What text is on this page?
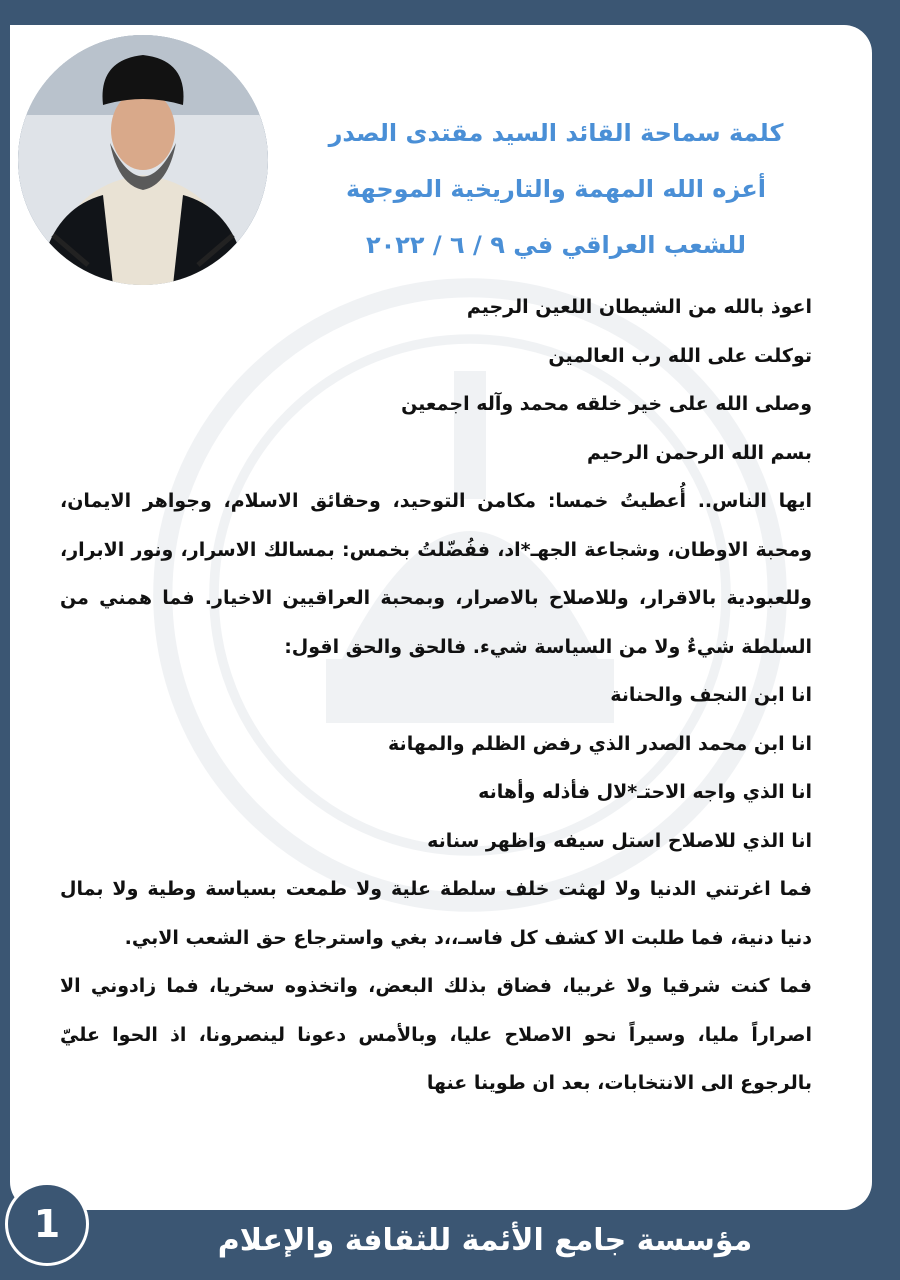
كلمة سماحة القائد السيد مقتدى الصدر
أعزه الله المهمة والتاريخية الموجهة
للشعب العراقي في ٩ / ٦ / ٢٠٢٢

اعوذ بالله من الشيطان اللعين الرجيم

توكلت على الله رب العالمين

وصلى الله على خير خلقه محمد وآله اجمعين

بسم الله الرحمن الرحيم

ايها الناس.. أُعطيتُ خمسا: مكامن التوحيد، وحقائق الاسلام، وجواهر الايمان، ومحبة الاوطان، وشجاعة الجهـ*اد، ففُضّلتُ بخمس: بمسالك الاسرار، ونور الابرار، وللعبودية بالاقرار، وللاصلاح بالاصرار، وبمحبة العراقيين الاخيار. فما همني من السلطة شيءٌ ولا من السياسة شيء. فالحق والحق اقول:

انا ابن النجف والحنانة

انا ابن محمد الصدر الذي رفض الظلم والمهانة

انا الذي واجه الاحتـ*لال فأذله وأهانه

انا الذي للاصلاح استل سيفه واظهر سنانه

فما اغرتني الدنيا ولا لهثت خلف سلطة علية ولا طمعت بسياسة وطية ولا بمال دنيا دنية، فما طلبت الا كشف كل فاسـ،،د بغي واسترجاع حق الشعب الابي.

فما كنت شرقيا ولا غربيا، فضاق بذلك البعض، واتخذوه سخريا، فما زادوني الا اصراراً مليا، وسيراً نحو الاصلاح عليا، وبالأمس دعونا لينصرونا، اذ الحوا عليّ بالرجوع الى الانتخابات، بعد ان طوينا عنها

1	مؤسسة جامع الأئمة للثقافة والإعلام
